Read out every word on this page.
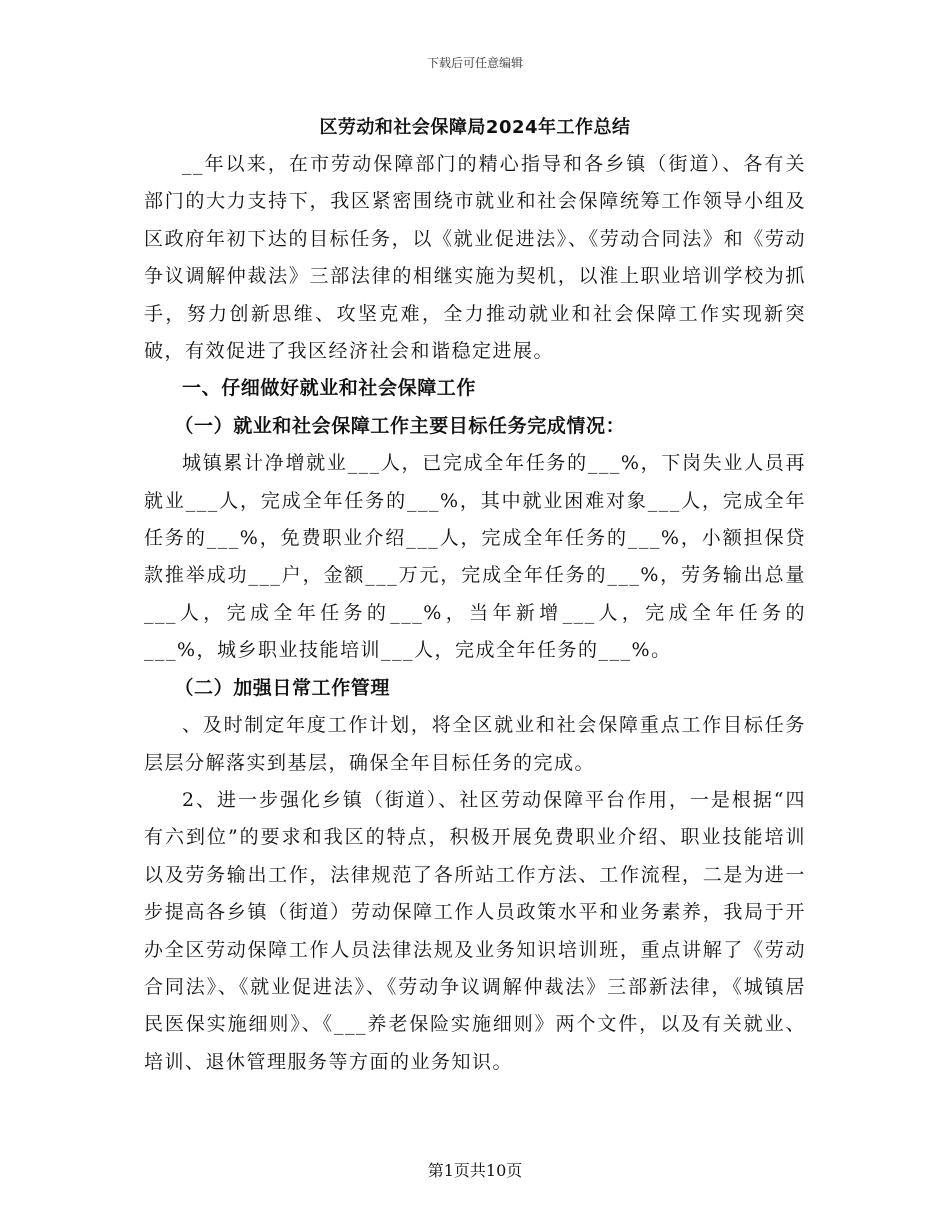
下载后可任意编辑
区劳动和社会保障局2024年工作总结

__年以来，在市劳动保障部门的精心指导和各乡镇（街道）、各有关部门的大力支持下，我区紧密围绕市就业和社会保障统筹工作领导小组及区政府年初下达的目标任务，以《就业促进法》、《劳动合同法》和《劳动争议调解仲裁法》三部法律的相继实施为契机，以淮上职业培训学校为抓手，努力创新思维、攻坚克难，全力推动就业和社会保障工作实现新突破，有效促进了我区经济社会和谐稳定进展。

一、仔细做好就业和社会保障工作

（一）就业和社会保障工作主要目标任务完成情况：

城镇累计净增就业___人，已完成全年任务的___%，下岗失业人员再就业___人，完成全年任务的___%，其中就业困难对象___人，完成全年任务的___%，免费职业介绍___人，完成全年任务的___%，小额担保贷款推举成功___户，金额___万元，完成全年任务的___%，劳务输出总量___人，完成全年任务的___%，当年新增___人，完成全年任务的___%，城乡职业技能培训___人，完成全年任务的___%。

（二）加强日常工作管理

、及时制定年度工作计划，将全区就业和社会保障重点工作目标任务层层分解落实到基层，确保全年目标任务的完成。

2、进一步强化乡镇（街道）、社区劳动保障平台作用，一是根据“四有六到位”的要求和我区的特点，积极开展免费职业介绍、职业技能培训以及劳务输出工作，法律规范了各所站工作方法、工作流程，二是为进一步提高各乡镇（街道）劳动保障工作人员政策水平和业务素养，我局于开办全区劳动保障工作人员法律法规及业务知识培训班，重点讲解了《劳动合同法》、《就业促进法》、《劳动争议调解仲裁法》三部新法律，《城镇居民医保实施细则》、《___养老保险实施细则》两个文件，以及有关就业、培训、退休管理服务等方面的业务知识。

第1页共10页
